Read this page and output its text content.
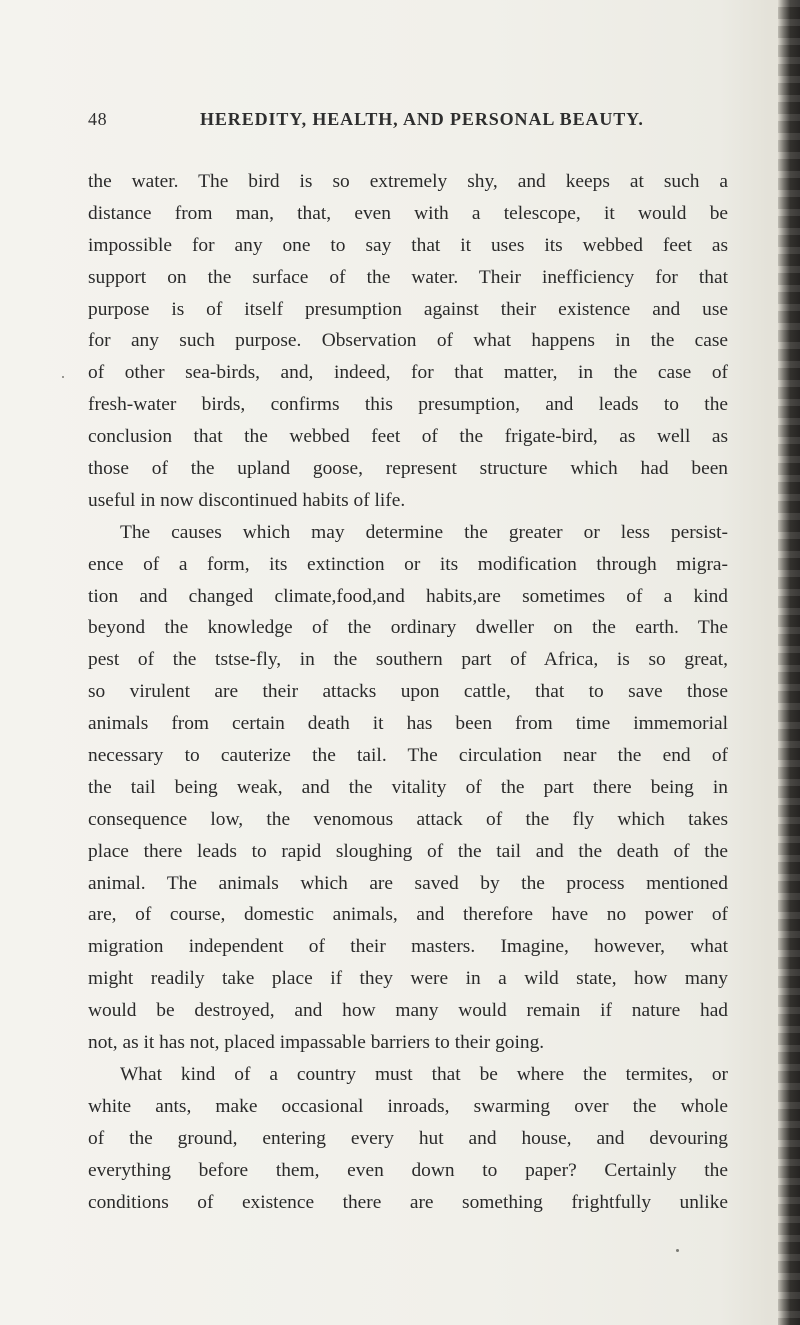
48	HEREDITY, HEALTH, AND PERSONAL BEAUTY.
the water. The bird is so extremely shy, and keeps at such a
distance from man, that, even with a telescope, it would be
impossible for any one to say that it uses its webbed feet as
support on the surface of the water. Their inefficiency for that
purpose is of itself presumption against their existence and use
for any such purpose. Observation of what happens in the case
of other sea-birds, and, indeed, for that matter, in the case of
fresh-water birds, confirms this presumption, and leads to the
conclusion that the webbed feet of the frigate-bird, as well as
those of the upland goose, represent structure which had been
useful in now discontinued habits of life.
The causes which may determine the greater or less persist-
ence of a form, its extinction or its modification through migra-
tion and changed climate,food,and habits,are sometimes of a kind
beyond the knowledge of the ordinary dweller on the earth. The
pest of the tstse-fly, in the southern part of Africa, is so great,
so virulent are their attacks upon cattle, that to save those
animals from certain death it has been from time immemorial
necessary to cauterize the tail. The circulation near the end of
the tail being weak, and the vitality of the part there being in
consequence low, the venomous attack of the fly which takes
place there leads to rapid sloughing of the tail and the death of the
animal. The animals which are saved by the process mentioned
are, of course, domestic animals, and therefore have no power of
migration independent of their masters. Imagine, however, what
might readily take place if they were in a wild state, how many
would be destroyed, and how many would remain if nature had
not, as it has not, placed impassable barriers to their going.
What kind of a country must that be where the termites, or
white ants, make occasional inroads, swarming over the whole
of the ground, entering every hut and house, and devouring
everything before them, even down to paper? Certainly the
conditions of existence there are something frightfully unlike
